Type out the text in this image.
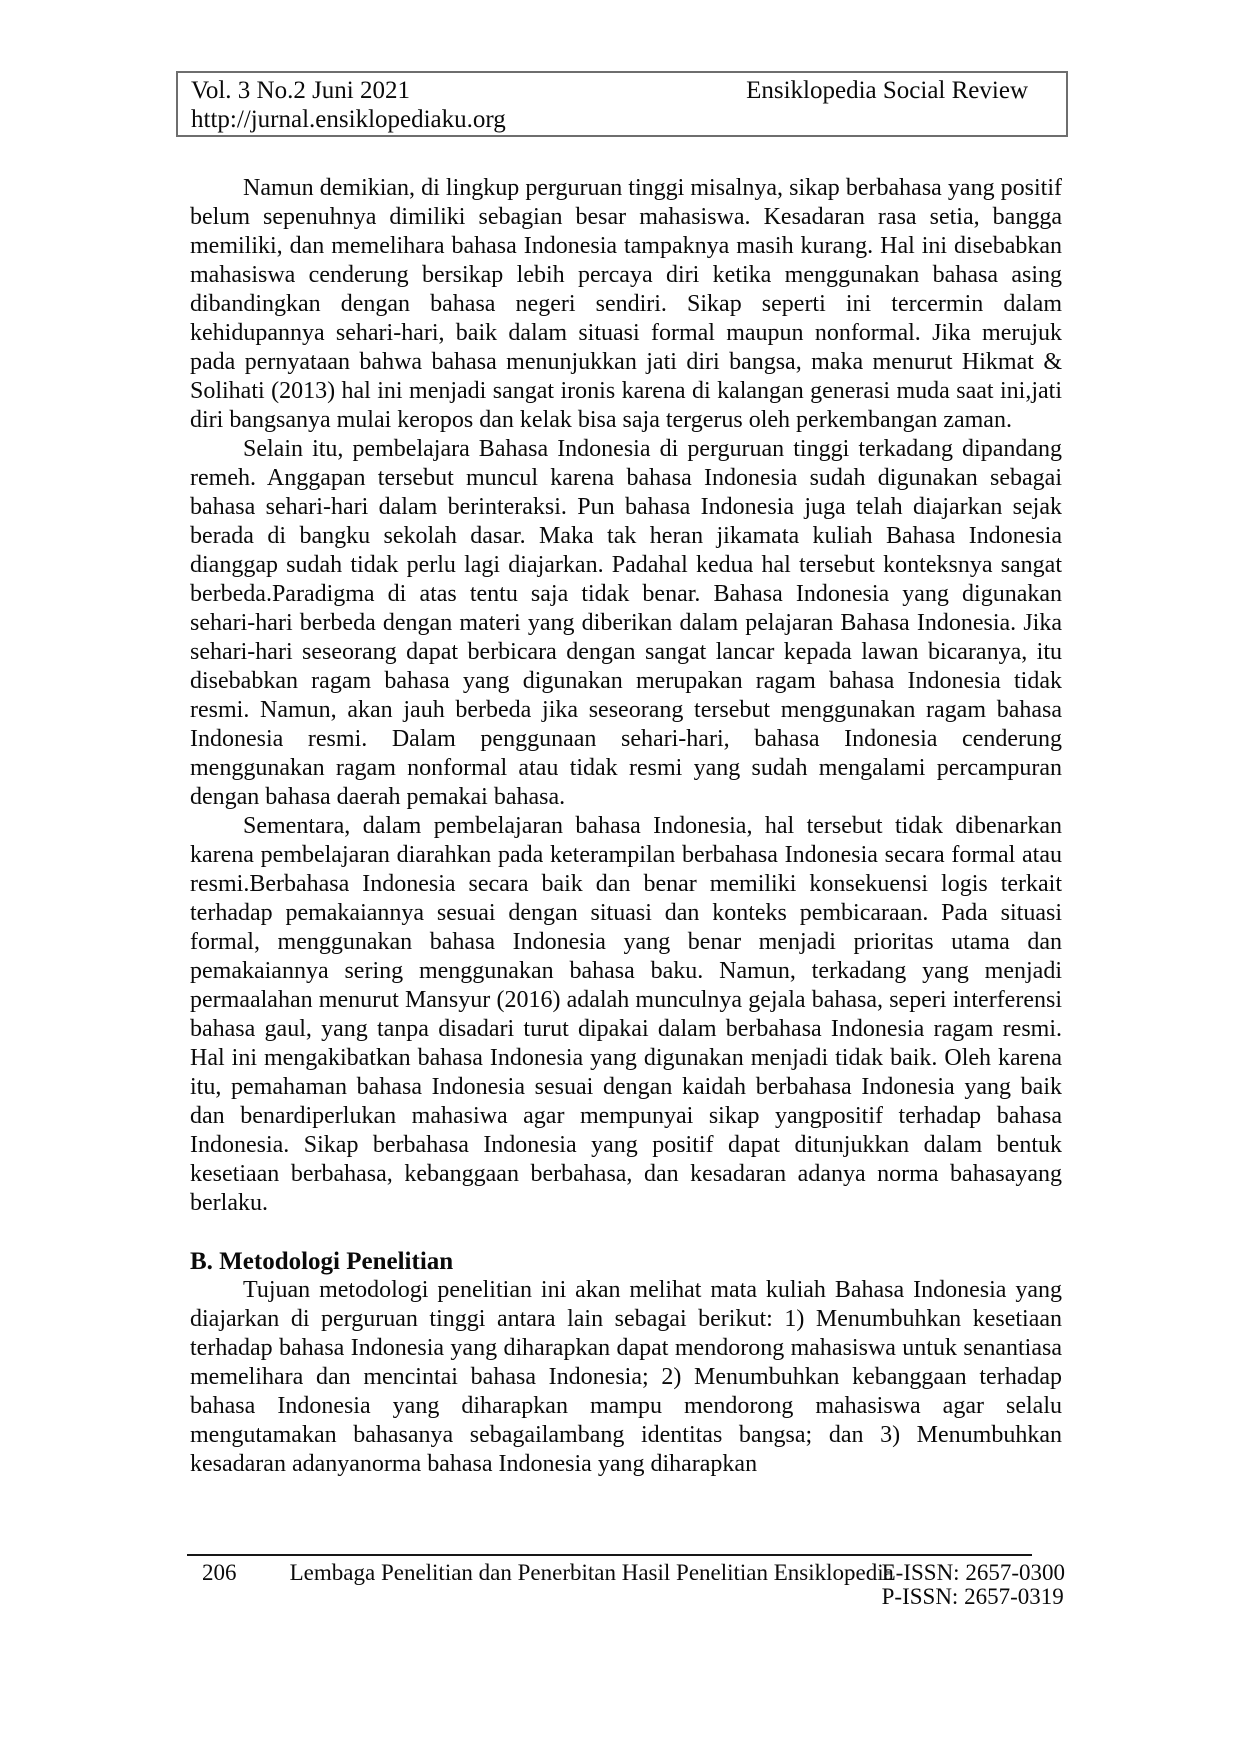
Vol. 3 No.2 Juni 2021	Ensiklopedia Social Review
http://jurnal.ensiklopediaku.org

Namun demikian, di lingkup perguruan tinggi misalnya, sikap berbahasa yang positif belum sepenuhnya dimiliki sebagian besar mahasiswa. Kesadaran rasa setia, bangga memiliki, dan memelihara bahasa Indonesia tampaknya masih kurang. Hal ini disebabkan mahasiswa cenderung bersikap lebih percaya diri ketika menggunakan bahasa asing dibandingkan dengan bahasa negeri sendiri. Sikap seperti ini tercermin dalam kehidupannya sehari-hari, baik dalam situasi formal maupun nonformal. Jika merujuk pada pernyataan bahwa bahasa menunjukkan jati diri bangsa, maka menurut Hikmat & Solihati (2013) hal ini menjadi sangat ironis karena di kalangan generasi muda saat ini,jati diri bangsanya mulai keropos dan kelak bisa saja tergerus oleh perkembangan zaman.

Selain itu, pembelajara Bahasa Indonesia di perguruan tinggi terkadang dipandang remeh. Anggapan tersebut muncul karena bahasa Indonesia sudah digunakan sebagai bahasa sehari-hari dalam berinteraksi. Pun bahasa Indonesia juga telah diajarkan sejak berada di bangku sekolah dasar. Maka tak heran jikamata kuliah Bahasa Indonesia dianggap sudah tidak perlu lagi diajarkan. Padahal kedua hal tersebut konteksnya sangat berbeda.Paradigma di atas tentu saja tidak benar. Bahasa Indonesia yang digunakan sehari-hari berbeda dengan materi yang diberikan dalam pelajaran Bahasa Indonesia. Jika sehari-hari seseorang dapat berbicara dengan sangat lancar kepada lawan bicaranya, itu disebabkan ragam bahasa yang digunakan merupakan ragam bahasa Indonesia tidak resmi. Namun, akan jauh berbeda jika seseorang tersebut menggunakan ragam bahasa Indonesia resmi. Dalam penggunaan sehari-hari, bahasa Indonesia cenderung menggunakan ragam nonformal atau tidak resmi yang sudah mengalami percampuran dengan bahasa daerah pemakai bahasa.

Sementara, dalam pembelajaran bahasa Indonesia, hal tersebut tidak dibenarkan karena pembelajaran diarahkan pada keterampilan berbahasa Indonesia secara formal atau resmi.Berbahasa Indonesia secara baik dan benar memiliki konsekuensi logis terkait terhadap pemakaiannya sesuai dengan situasi dan konteks pembicaraan. Pada situasi formal, menggunakan bahasa Indonesia yang benar menjadi prioritas utama dan pemakaiannya sering menggunakan bahasa baku. Namun, terkadang yang menjadi permaalahan menurut Mansyur (2016) adalah munculnya gejala bahasa, seperi interferensi bahasa gaul, yang tanpa disadari turut dipakai dalam berbahasa Indonesia ragam resmi. Hal ini mengakibatkan bahasa Indonesia yang digunakan menjadi tidak baik. Oleh karena itu, pemahaman bahasa Indonesia sesuai dengan kaidah berbahasa Indonesia yang baik dan benardiperlukan mahasiwa agar mempunyai sikap yangpositif terhadap bahasa Indonesia. Sikap berbahasa Indonesia yang positif dapat ditunjukkan dalam bentuk kesetiaan berbahasa, kebanggaan berbahasa, dan kesadaran adanya norma bahasayang berlaku.

B. Metodologi Penelitian

Tujuan metodologi penelitian ini akan melihat mata kuliah Bahasa Indonesia yang diajarkan di perguruan tinggi antara lain sebagai berikut: 1) Menumbuhkan kesetiaan terhadap bahasa Indonesia yang diharapkan dapat mendorong mahasiswa untuk senantiasa memelihara dan mencintai bahasa Indonesia; 2) Menumbuhkan kebanggaan terhadap bahasa Indonesia yang diharapkan mampu mendorong mahasiswa agar selalu mengutamakan bahasanya sebagailambang identitas bangsa; dan 3) Menumbuhkan kesadaran adanyanorma bahasa Indonesia yang diharapkan

206	Lembaga Penelitian dan Penerbitan Hasil Penelitian Ensiklopedia
E-ISSN: 2657-0300
P-ISSN: 2657-0319
